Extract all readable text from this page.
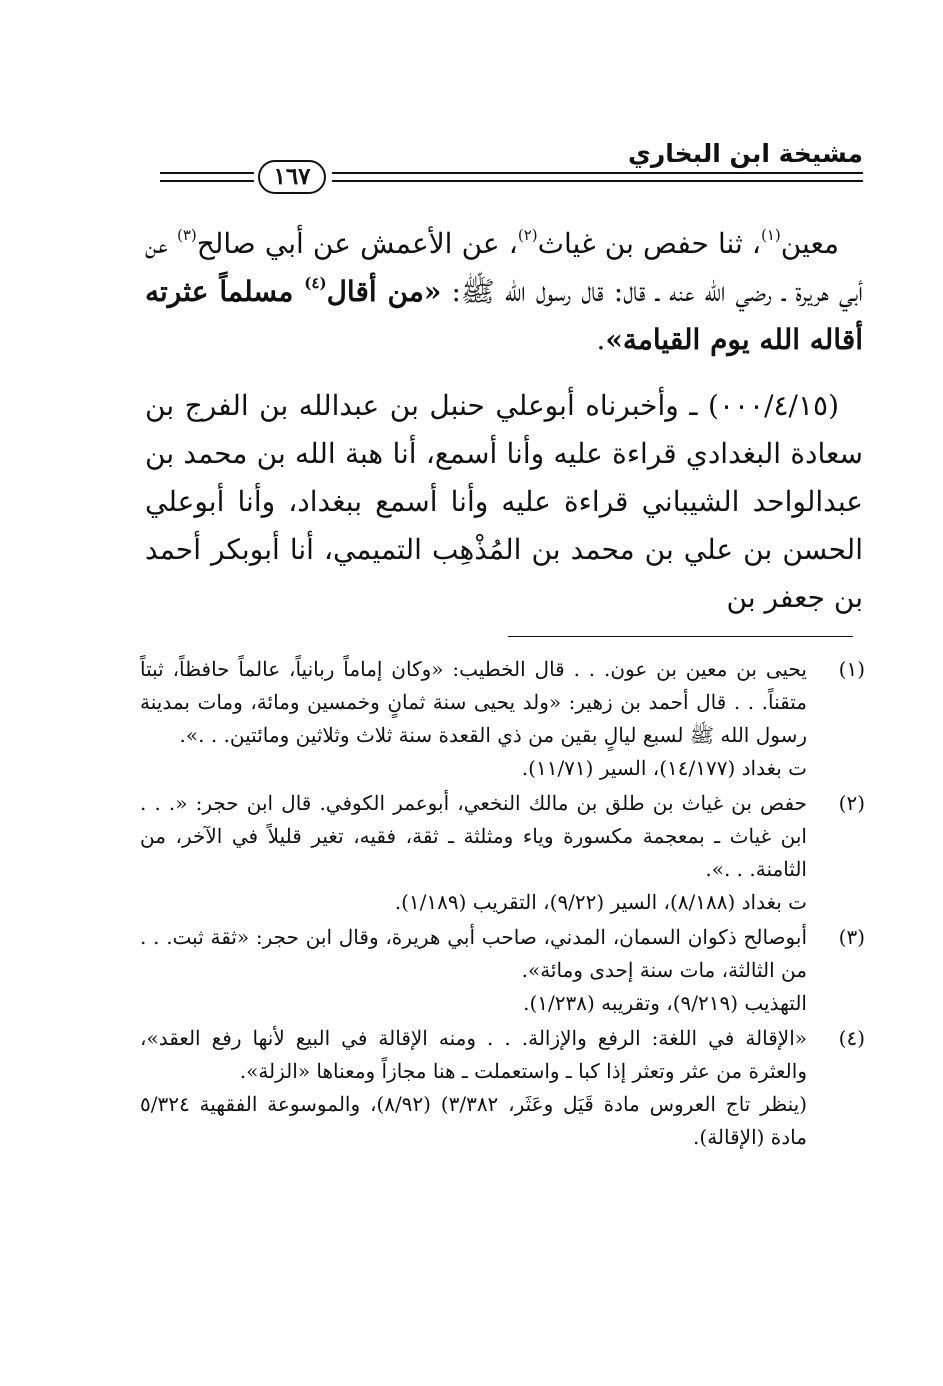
مشيخة ابن البخاري
١٦٧

معين$^{(١)}$، ثنا حفص بن غياث$^{(٢)}$، عن الأعمش عن أبي صالح$^{(٣)}$ عن أبي هريرة ـ رضي الله عنه ـ قال: قال رسول الله ﷺ: «من أقال$^{(٤)}$ مسلماً عثرته أقاله الله يوم القيامة».

(٠٠٠/٤/١٥) ـ وأخبرناه أبوعلي حنبل بن عبدالله بن الفرج بن سعادة البغدادي قراءة عليه وأنا أسمع، أنا هبة الله بن محمد بن عبدالواحد الشيباني قراءة عليه وأنا أسمع ببغداد، وأنا أبوعلي الحسن بن علي بن محمد بن المُذْهِب التميمي، أنا أبوبكر أحمد بن جعفر بن

(١)
يحيى بن معين بن عون. . . قال الخطيب: «وكان إماماً ربانياً، عالماً حافظاً، ثبتاً متقناً. . . قال أحمد بن زهير: «ولد يحيى سنة ثمانٍ وخمسين ومائة، ومات بمدينة رسول الله ﷺ لسبع ليالٍ بقين من ذي القعدة سنة ثلاث وثلاثين ومائتين. . .».
ت بغداد (١٤/١٧٧)، السير (١١/٧١).
(٢)
حفص بن غياث بن طلق بن مالك النخعي، أبوعمر الكوفي. قال ابن حجر: «. . . ابن غياث ـ بمعجمة مكسورة وياء ومثلثة ـ ثقة، فقيه، تغير قليلاً في الآخر، من الثامنة. . .».
ت بغداد (٨/١٨٨)، السير (٩/٢٢)، التقريب (١/١٨٩).
(٣)
أبوصالح ذكوان السمان، المدني، صاحب أبي هريرة، وقال ابن حجر: «ثقة ثبت. . . من الثالثة، مات سنة إحدى ومائة».
التهذيب (٩/٢١٩)، وتقريبه (١/٢٣٨).
(٤)
«الإقالة في اللغة: الرفع والإزالة. . . ومنه الإقالة في البيع لأنها رفع العقد»، والعثرة من عثر وتعثر إذا كبا ـ واستعملت ـ هنا مجازاً ومعناها «الزلة».
(ينظر تاج العروس مادة قَيَل وعَثَر، ٣/٣٨٢) (٨/٩٢)، والموسوعة الفقهية ٥/٣٢٤ مادة (الإقالة).
